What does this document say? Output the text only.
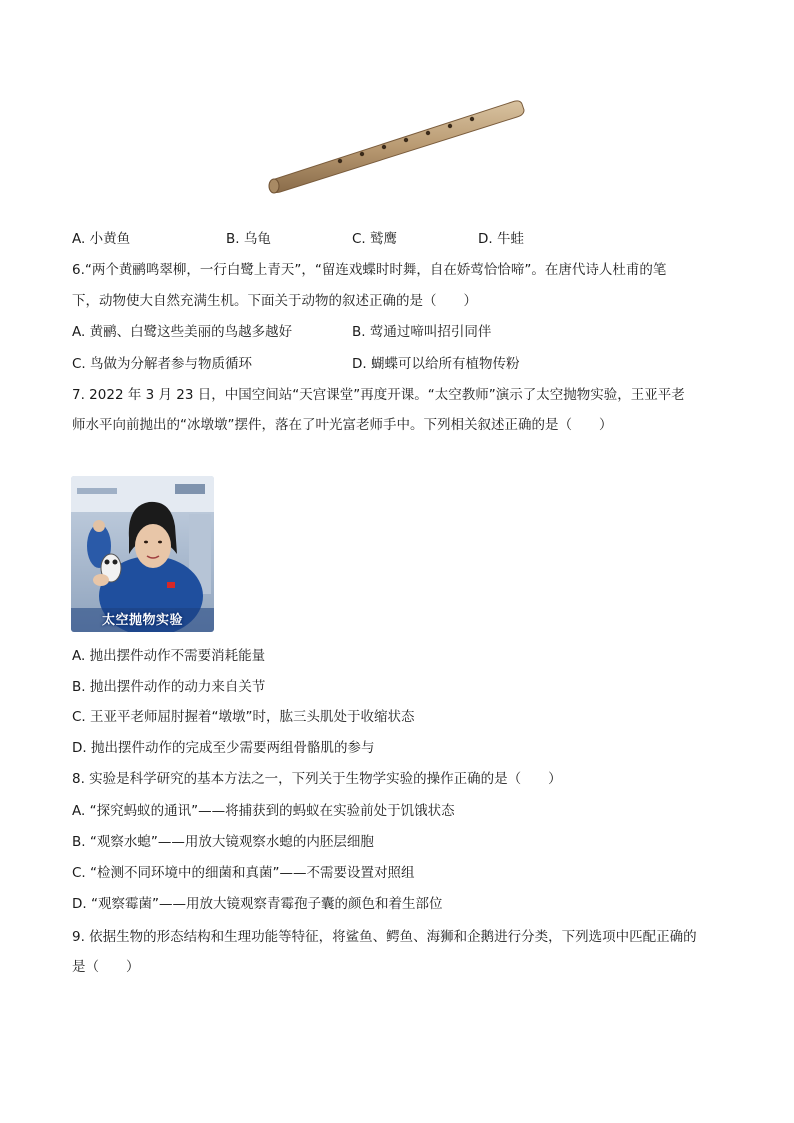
A. 小黄鱼	B. 乌龟	C. 鹫鹰	D. 牛蛙
6.“两个黄鹂鸣翠柳，一行白鹭上青天”，“留连戏蝶时时舞，自在娇莺恰恰啼”。在唐代诗人杜甫的笔
下，动物使大自然充满生机。下面关于动物的叙述正确的是（　　）
A. 黄鹂、白鹭这些美丽的鸟越多越好	B. 莺通过啼叫招引同伴
C. 鸟做为分解者参与物质循环	D. 蝴蝶可以给所有植物传粉
7. 2022 年 3 月 23 日，中国空间站“天宫课堂”再度开课。“太空教师”演示了太空抛物实验，王亚平老
师水平向前抛出的“冰墩墩”摆件，落在了叶光富老师手中。下列相关叙述正确的是（　　）
太空抛物实验
A. 抛出摆件动作不需要消耗能量
B. 抛出摆件动作的动力来自关节
C. 王亚平老师屈肘握着“墩墩”时，肱三头肌处于收缩状态
D. 抛出摆件动作的完成至少需要两组骨骼肌的参与
8. 实验是科学研究的基本方法之一，下列关于生物学实验的操作正确的是（　　）
A. “探究蚂蚁的通讯”——将捕获到的蚂蚁在实验前处于饥饿状态
B. “观察水螅”——用放大镜观察水螅的内胚层细胞
C. “检测不同环境中的细菌和真菌”——不需要设置对照组
D. “观察霉菌”——用放大镜观察青霉孢子囊的颜色和着生部位
9. 依据生物的形态结构和生理功能等特征，将鲨鱼、鳄鱼、海狮和企鹅进行分类，下列选项中匹配正确的
是（　　）
